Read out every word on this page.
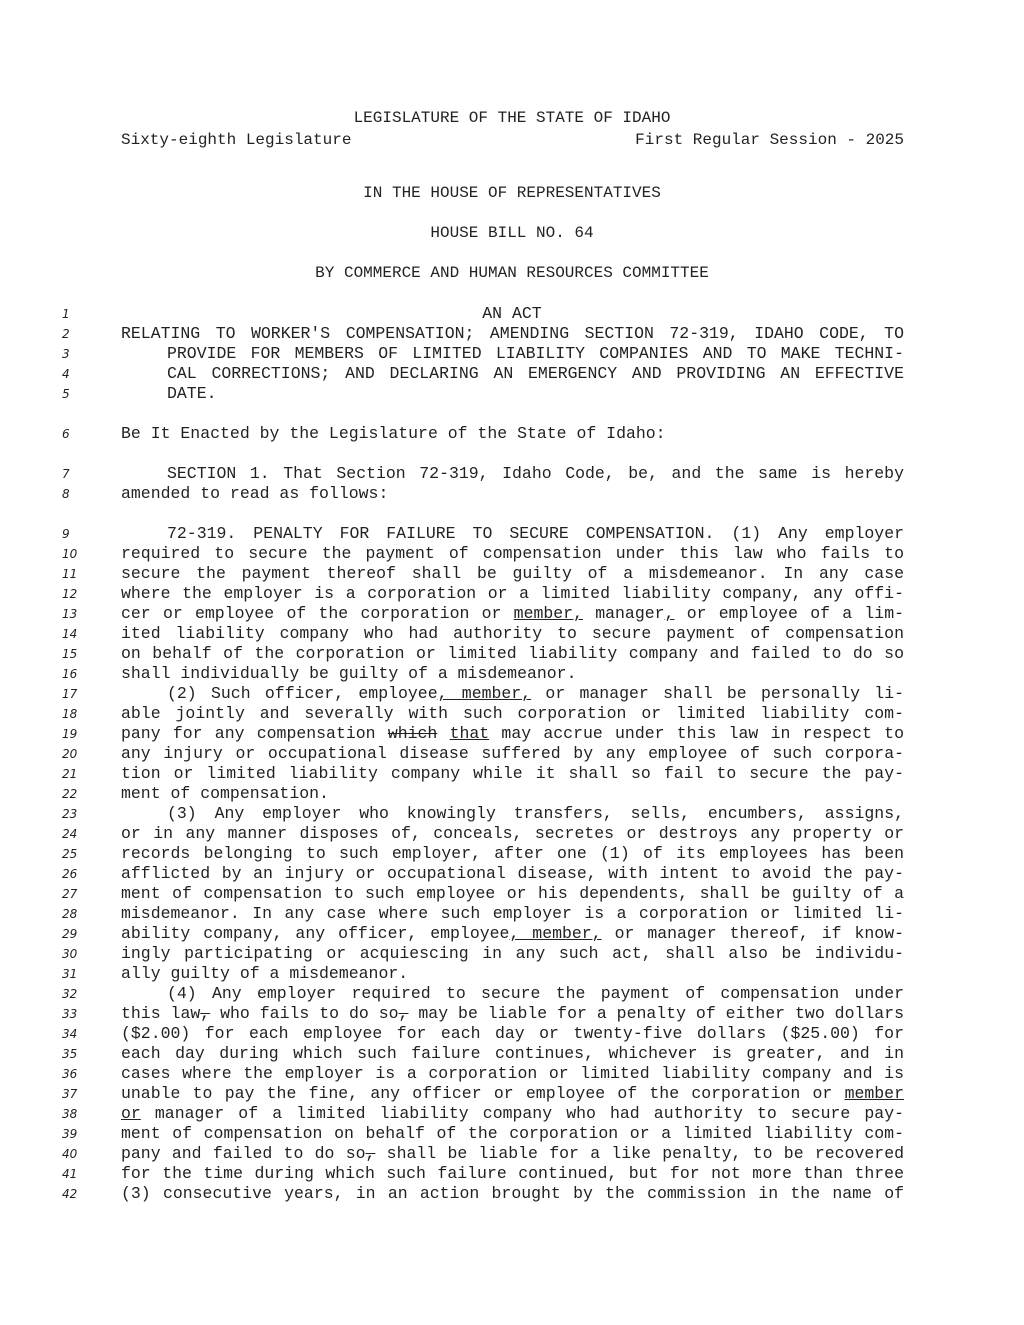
LEGISLATURE OF THE STATE OF IDAHO

Sixty-eighth Legislature

	First Regular Session - 2025

IN THE HOUSE OF REPRESENTATIVES
HOUSE BILL NO. 64
BY COMMERCE AND HUMAN RESOURCES COMMITTEE
1	AN ACT
2	RELATING TO WORKER'S COMPENSATION; AMENDING SECTION 72-319, IDAHO CODE, TO
3	PROVIDE FOR MEMBERS OF LIMITED LIABILITY COMPANIES AND TO MAKE TECHNI-
4	CAL CORRECTIONS; AND DECLARING AN EMERGENCY AND PROVIDING AN EFFECTIVE
5	DATE.
6	Be It Enacted by the Legislature of the State of Idaho:
7	SECTION 1. That Section 72-319, Idaho Code, be, and the same is hereby
8	amended to read as follows:
9	72-319. PENALTY FOR FAILURE TO SECURE COMPENSATION. (1) Any employer
10	required to secure the payment of compensation under this law who fails to
11	secure the payment thereof shall be guilty of a misdemeanor. In any case
12	where the employer is a corporation or a limited liability company, any offi-
13	cer or employee of the corporation or member, manager, or employee of a lim-
14	ited liability company who had authority to secure payment of compensation
15	on behalf of the corporation or limited liability company and failed to do so
16	shall individually be guilty of a misdemeanor.
17	(2) Such officer, employee, member, or manager shall be personally li-
18	able jointly and severally with such corporation or limited liability com-
19	pany for any compensation which that may accrue under this law in respect to
20	any injury or occupational disease suffered by any employee of such corpora-
21	tion or limited liability company while it shall so fail to secure the pay-
22	ment of compensation.
23	(3) Any employer who knowingly transfers, sells, encumbers, assigns,
24	or in any manner disposes of, conceals, secretes or destroys any property or
25	records belonging to such employer, after one (1) of its employees has been
26	afflicted by an injury or occupational disease, with intent to avoid the pay-
27	ment of compensation to such employee or his dependents, shall be guilty of a
28	misdemeanor. In any case where such employer is a corporation or limited li-
29	ability company, any officer, employee, member, or manager thereof, if know-
30	ingly participating or acquiescing in any such act, shall also be individu-
31	ally guilty of a misdemeanor.
32	(4) Any employer required to secure the payment of compensation under
33	this law, who fails to do so, may be liable for a penalty of either two dollars
34	($2.00) for each employee for each day or twenty-five dollars ($25.00) for
35	each day during which such failure continues, whichever is greater, and in
36	cases where the employer is a corporation or limited liability company and is
37	unable to pay the fine, any officer or employee of the corporation or member
38	or manager of a limited liability company who had authority to secure pay-
39	ment of compensation on behalf of the corporation or a limited liability com-
40	pany and failed to do so, shall be liable for a like penalty, to be recovered
41	for the time during which such failure continued, but for not more than three
42	(3) consecutive years, in an action brought by the commission in the name of
